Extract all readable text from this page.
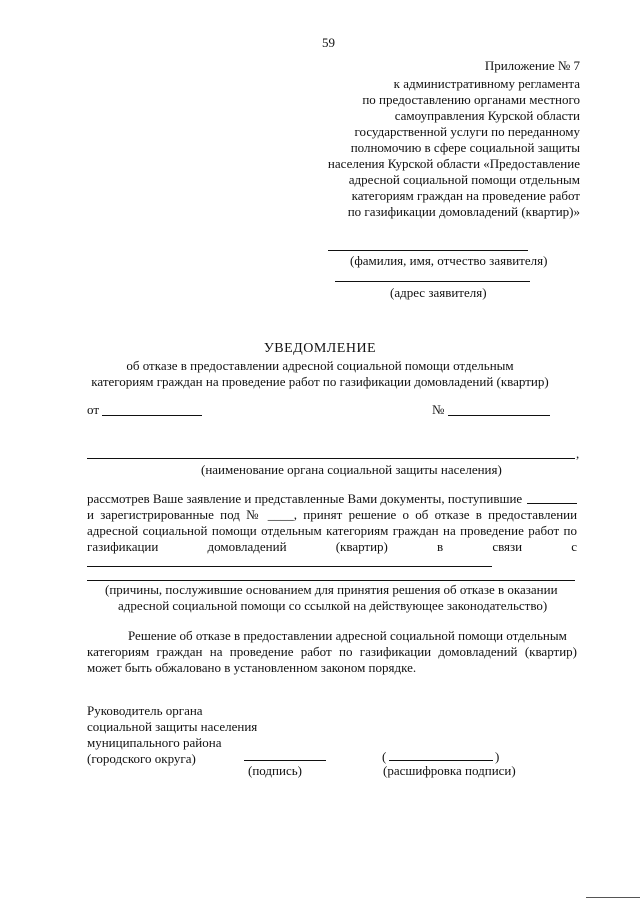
59
Приложение № 7
к административному регламента
по предоставлению органами местного
самоуправления Курской области
государственной услуги по переданному
полномочию в сфере социальной защиты
населения Курской области «Предоставление
адресной социальной помощи отдельным
категориям граждан на проведение работ
по газификации домовладений (квартир)»
(фамилия, имя, отчество заявителя)
(адрес заявителя)
УВЕДОМЛЕНИЕ
об отказе в предоставлении адресной социальной помощи отдельным
категориям граждан на проведение работ по газификации домовладений (квартир)
от	№
,
(наименование органа социальной защиты населения)
рассмотрев Ваше заявление и представленные Вами документы, поступившие
и зарегистрированные под № ____, принят решение о об отказе в предоставлении
адресной социальной помощи отдельным категориям граждан на проведение работ по
газификации	домовладений	(квартир)	в	связи	с
(причины, послужившие основанием для принятия решения об отказе в оказании
адресной социальной помощи со ссылкой на действующее законодательство)
Решение об отказе в предоставлении адресной социальной помощи отдельным
категориям граждан на проведение работ по газификации домовладений (квартир)
может быть обжаловано в установленном законом порядке.
Руководитель органа
социальной защиты населения
муниципального района
(городского округа)
(подпись)
(	)
(расшифровка подписи)
